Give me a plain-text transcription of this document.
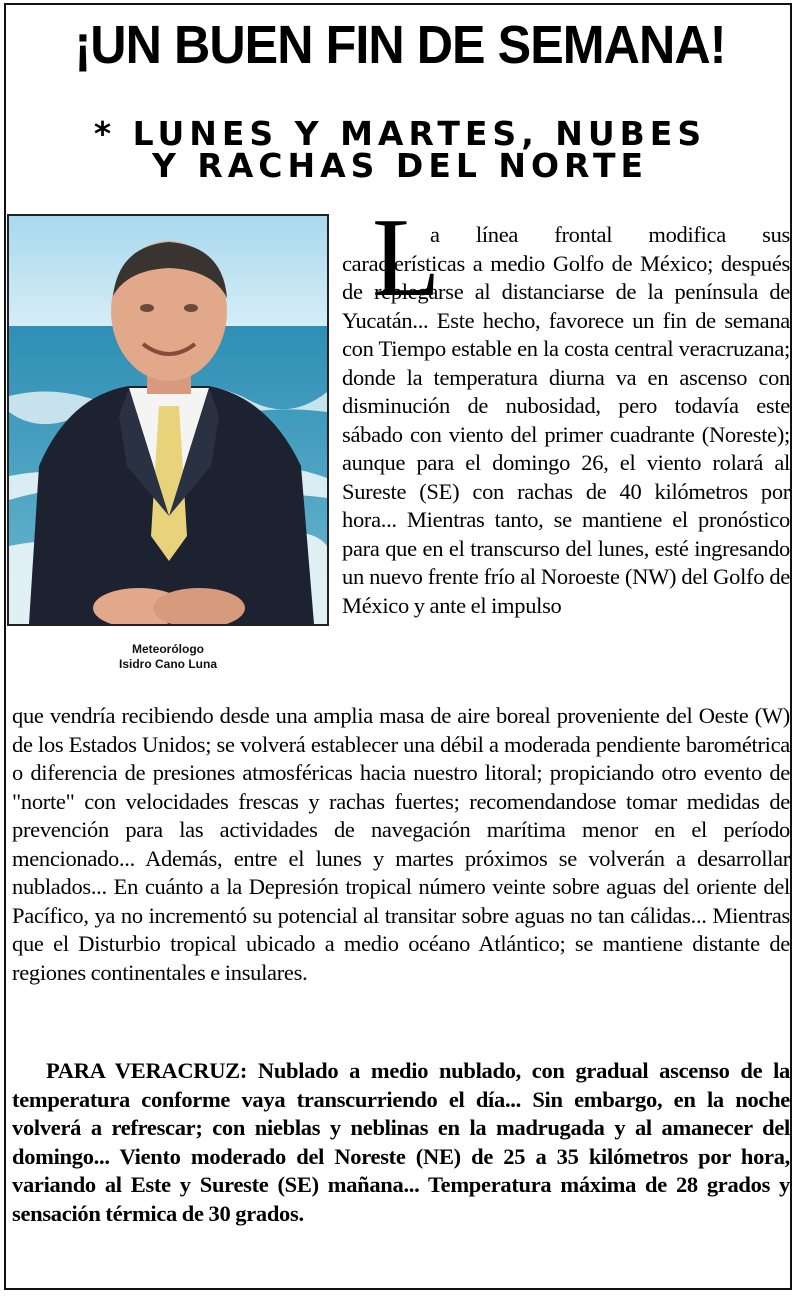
¡UN BUEN FIN DE SEMANA!
* LUNES Y MARTES, NUBES
Y RACHAS DEL NORTE
Meteorólogo
Isidro Cano Luna
L

a línea frontal modifica sus características a medio Golfo de México; después de replegarse al distanciarse de la península de Yucatán... Este hecho, favorece un fin de semana con Tiempo estable en la costa central veracruzana; donde la temperatura diurna va en ascenso con disminución de nubosidad, pero todavía este sábado con viento del primer cuadrante (Noreste); aunque para el domingo 26, el viento rolará al Sureste (SE) con rachas de 40 kilómetros por hora... Mientras tanto, se mantiene el pronóstico para que en el transcurso del lunes, esté ingresando un nuevo frente frío al Noroeste (NW) del Golfo de México y ante el impulso

que vendría recibiendo desde una amplia masa de aire boreal proveniente del Oeste (W) de los Estados Unidos; se volverá establecer una débil a moderada pendiente barométrica o diferencia de presiones atmosféricas hacia nuestro litoral; propiciando otro evento de "norte" con velocidades frescas y rachas fuertes; recomendandose tomar medidas de prevención para las actividades de navegación marítima menor en el período mencionado... Además, entre el lunes y martes próximos se volverán a desarrollar nublados... En cuánto a la Depresión tropical número veinte sobre aguas del oriente del Pacífico, ya no incrementó su potencial al transitar sobre aguas no tan cálidas... Mientras que el Disturbio tropical ubicado a medio océano Atlántico; se mantiene distante de regiones continentales e insulares.

PARA VERACRUZ: Nublado a medio nublado, con gradual ascenso de la temperatura conforme vaya transcurriendo el día... Sin embargo, en la noche volverá a refrescar; con nieblas y neblinas en la madrugada y al amanecer del domingo... Viento moderado del Noreste (NE) de 25 a 35 kilómetros por hora, variando al Este y Sureste (SE) mañana... Temperatura máxima de 28 grados y sensación térmica de 30 grados.
